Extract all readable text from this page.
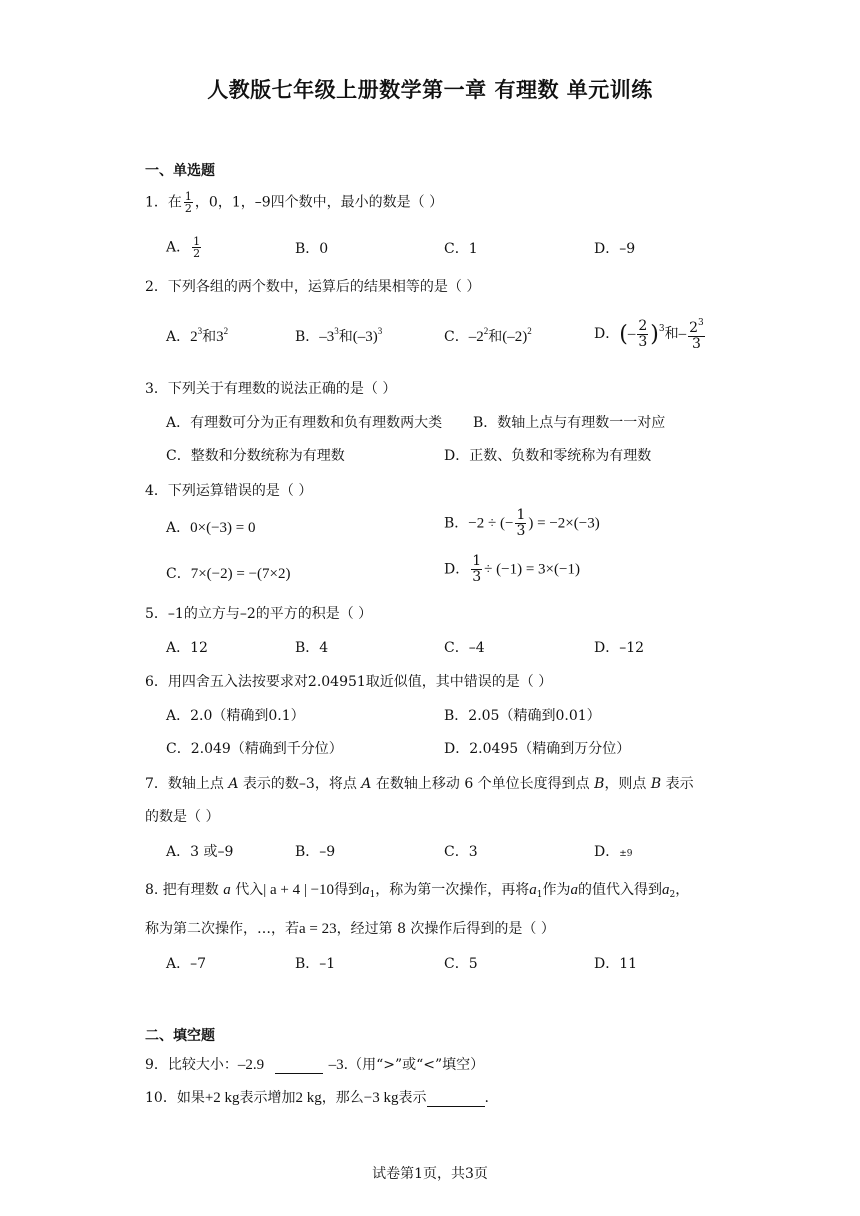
人教版七年级上册数学第一章 有理数 单元训练
一、单选题
1．在 $\frac{1}{2}$ ，0，1，–9四个数中，最小的数是（ ）
A． $\frac{1}{2}$	B．0	C．1	D．–9
2．下列各组的两个数中，运算后的结果相等的是（ ）
A．$2^3$和$3^2$	B．$-3^3$和$(-3)^3$	C．$-2^2$和$(-2)^2$	D．(– $\frac{2}{3} )^3$和– $\frac{2^3}{3}$
3．下列关于有理数的说法正确的是（ ）
A．有理数可分为正有理数和负有理数两大类 B．数轴上点与有理数一一对应
C．整数和分数统称为有理数	D．正数、负数和零统称为有理数
4．下列运算错误的是（ ）
A．0×(−3) = 0	B．−2 ÷ (− $\frac{1}{3}$ ) = −2×(−3)
C．7×(−2) = −(7×2)	D． $\frac{1}{3} \div (-1) = 3\times(-1)$
5．–1的立方与–2的平方的积是（ ）
A．12	B．4	C．–4	D．–12
6．用四舍五入法按要求对2.04951取近似值，其中错误的是（ ）
A．2.0（精确到0.1）	B．2.05（精确到0.01）
C．2.049（精确到千分位）	D．2.0495（精确到万分位）
7．数轴上点 A 表示的数–3，将点 A 在数轴上移动 6 个单位长度得到点 B，则点 B 表示
的数是（ ）
A．3 或–9	B．–9	C．3	D．±9
8. 把有理数 a 代入| a + 4 | −10得到$a_1$，称为第一次操作，再将$a_1$作为a的值代入得到$a_2$，
称为第二次操作，…，若a = 23，经过第 8 次操作后得到的是（ ）
A．–7	B．–1	C．5	D．11
二、填空题
9．比较大小：–2.9	–3.（用“>”或“<”填空）
10．如果+2 kg表示增加2 kg，那么−3 kg表示	.
试卷第1页，共3页
